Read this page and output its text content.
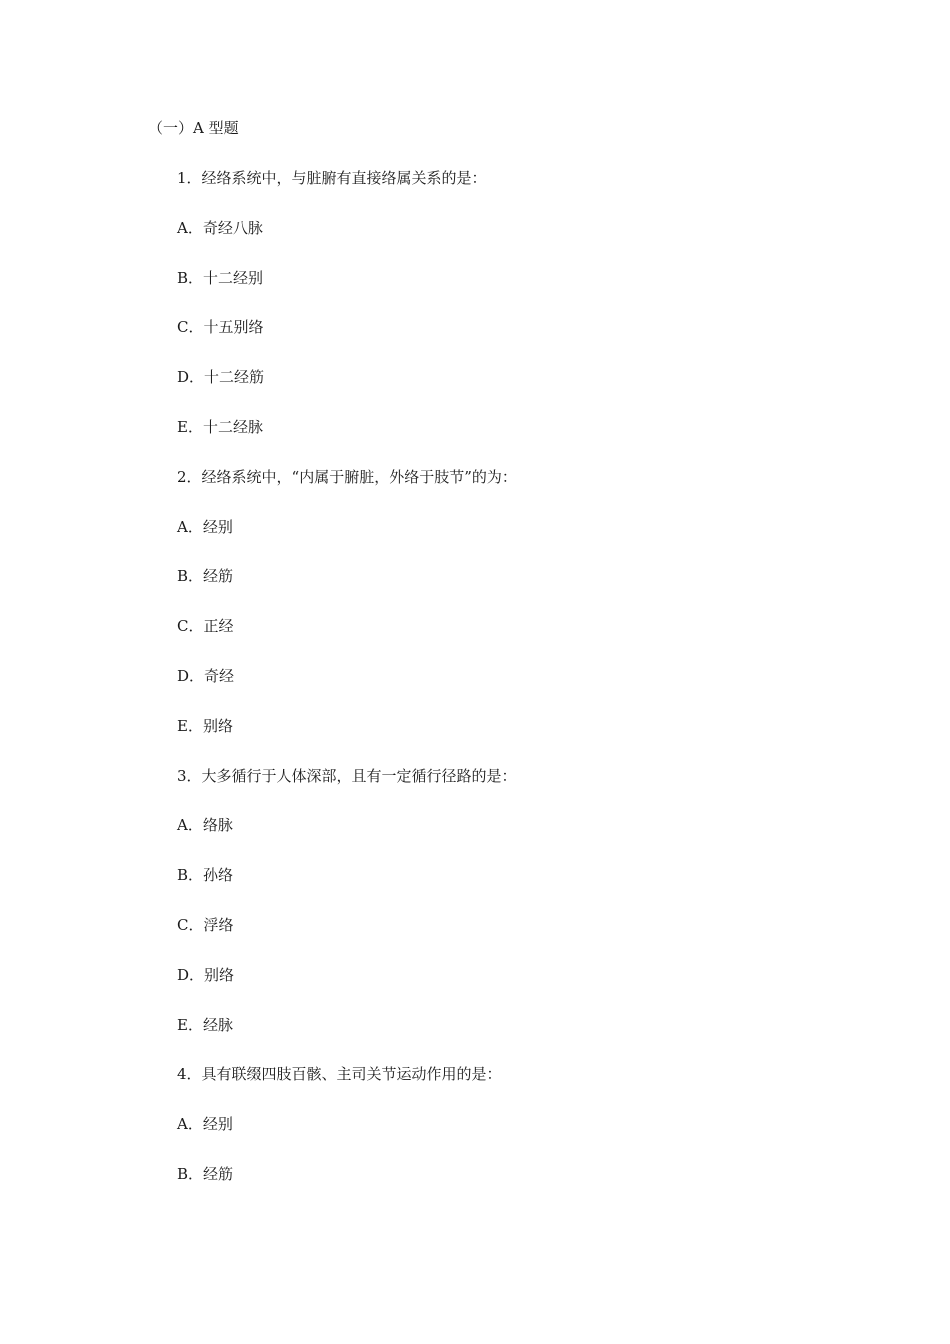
（一）A 型题
1．经络系统中，与脏腑有直接络属关系的是：
A．奇经八脉
B．十二经别
C．十五别络
D．十二经筋
E．十二经脉
2．经络系统中，“内属于腑脏，外络于肢节”的为：
A．经别
B．经筋
C．正经
D．奇经
E．别络
3．大多循行于人体深部，且有一定循行径路的是：
A．络脉
B．孙络
C．浮络
D．别络
E．经脉
4．具有联缀四肢百骸、主司关节运动作用的是：
A．经别
B．经筋
